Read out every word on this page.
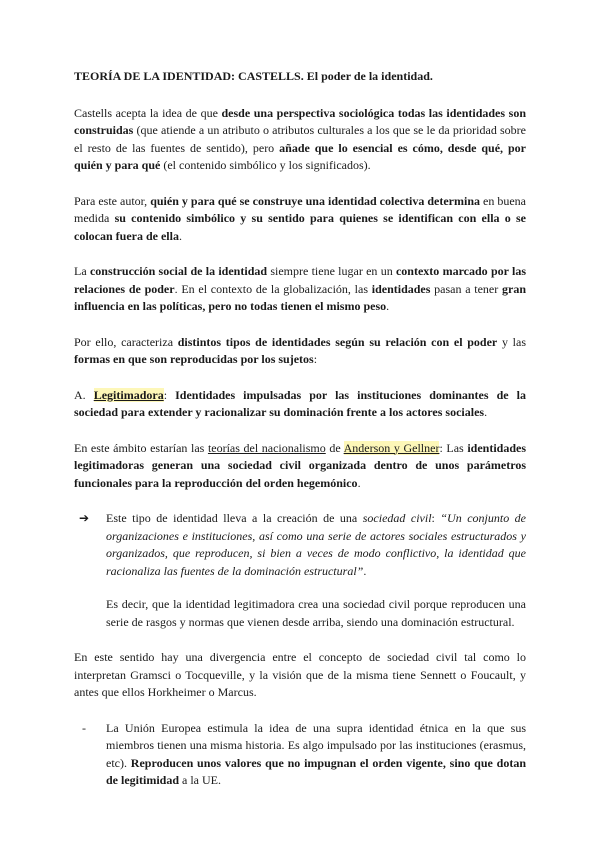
TEORÍA DE LA IDENTIDAD: CASTELLS. El poder de la identidad.

Castells acepta la idea de que desde una perspectiva sociológica todas las identidades son construidas (que atiende a un atributo o atributos culturales a los que se le da prioridad sobre el resto de las fuentes de sentido), pero añade que lo esencial es cómo, desde qué, por quién y para qué (el contenido simbólico y los significados).

Para este autor, quién y para qué se construye una identidad colectiva determina en buena medida su contenido simbólico y su sentido para quienes se identifican con ella o se colocan fuera de ella.

La construcción social de la identidad siempre tiene lugar en un contexto marcado por las relaciones de poder. En el contexto de la globalización, las identidades pasan a tener gran influencia en las políticas, pero no todas tienen el mismo peso.

Por ello, caracteriza distintos tipos de identidades según su relación con el poder y las formas en que son reproducidas por los sujetos:

A. Legitimadora: Identidades impulsadas por las instituciones dominantes de la sociedad para extender y racionalizar su dominación frente a los actores sociales.

En este ámbito estarían las teorías del nacionalismo de Anderson y Gellner: Las identidades legitimadoras generan una sociedad civil organizada dentro de unos parámetros funcionales para la reproducción del orden hegemónico.

➔ Este tipo de identidad lleva a la creación de una sociedad civil: “Un conjunto de organizaciones e instituciones, así como una serie de actores sociales estructurados y organizados, que reproducen, si bien a veces de modo conflictivo, la identidad que racionaliza las fuentes de la dominación estructural”.

Es decir, que la identidad legitimadora crea una sociedad civil porque reproducen una serie de rasgos y normas que vienen desde arriba, siendo una dominación estructural.

En este sentido hay una divergencia entre el concepto de sociedad civil tal como lo interpretan Gramsci o Tocqueville, y la visión que de la misma tiene Sennett o Foucault, y antes que ellos Horkheimer o Marcus.

- La Unión Europea estimula la idea de una supra identidad étnica en la que sus miembros tienen una misma historia. Es algo impulsado por las instituciones (erasmus, etc). Reproducen unos valores que no impugnan el orden vigente, sino que dotan de legitimidad a la UE.
